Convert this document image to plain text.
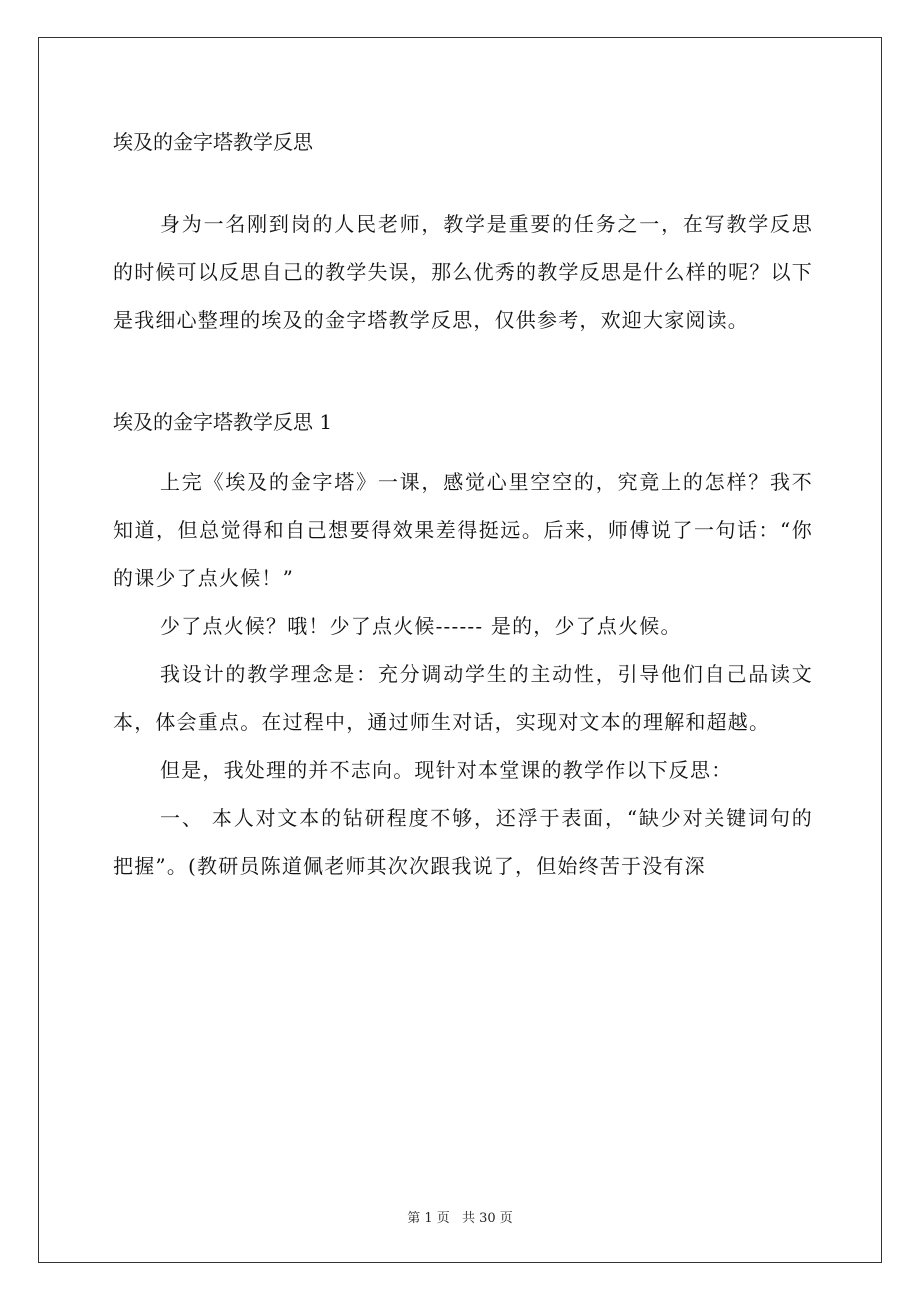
埃及的金字塔教学反思

身为一名刚到岗的人民老师，教学是重要的任务之一，在写教学反思的时候可以反思自己的教学失误，那么优秀的教学反思是什么样的呢？以下是我细心整理的埃及的金字塔教学反思，仅供参考，欢迎大家阅读。

埃及的金字塔教学反思 1

上完《埃及的金字塔》一课，感觉心里空空的，究竟上的怎样？我不知道，但总觉得和自己想要得效果差得挺远。后来，师傅说了一句话：“你的课少了点火候！”

少了点火候？哦！少了点火候------ 是的，少了点火候。

我设计的教学理念是：充分调动学生的主动性，引导他们自己品读文本，体会重点。在过程中，通过师生对话，实现对文本的理解和超越。

但是，我处理的并不志向。现针对本堂课的教学作以下反思：

一、 本人对文本的钻研程度不够，还浮于表面，“缺少对关键词句的把握”。(教研员陈道佩老师其次次跟我说了，但始终苦于没有深

第 1 页 共 30 页
